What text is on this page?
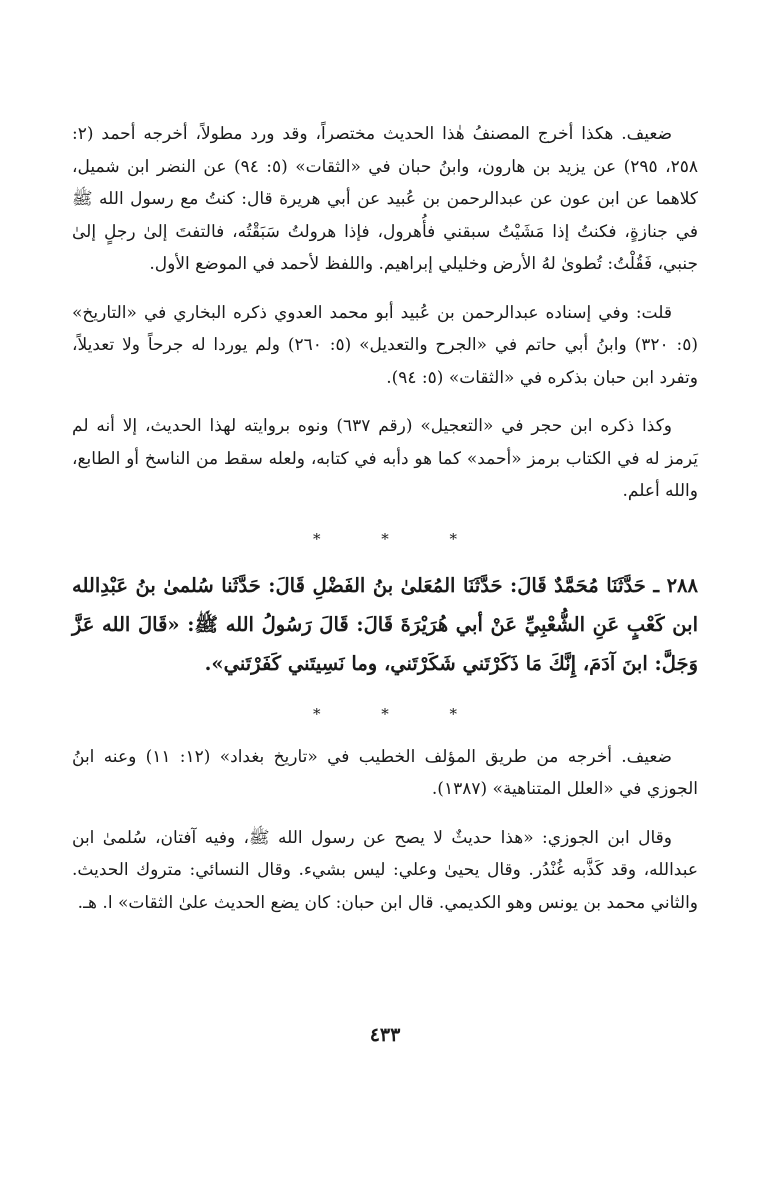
ضعيف. هكذا أخرج المصنفُ هٰذا الحديث مختصراً، وقد ورد مطولاً، أخرجه أحمد (٢: ٢٥٨، ٢٩٥) عن يزيد بن هارون، وابنُ حبان في «الثقات» (٥: ٩٤) عن النضر ابن شميل، كلاهما عن ابن عون عن عبدالرحمن بن عُبيد عن أبي هريرة قال: كنتُ مع رسول الله ﷺ في جنازةٍ، فكنتُ إذا مَشَيْتُ سبقني فأُهرول، فإذا هرولتُ سَبَقْتُه، فالتفتَ إلىٰ رجلٍ إلىٰ جنبي، فَقُلْتُ: تُطوىٰ لهُ الأرض وخليلي إبراهيم. واللفظ لأحمد في الموضع الأول.

قلت: وفي إسناده عبدالرحمن بن عُبيد أبو محمد العدوي ذكره البخاري في «التاريخ» (٥: ٣٢٠) وابنُ أبي حاتم في «الجرح والتعديل» (٥: ٢٦٠) ولم يوردا له جرحاً ولا تعديلاً، وتفرد ابن حبان بذكره في «الثقات» (٥: ٩٤).

وكذا ذكره ابن حجر في «التعجيل» (رقم ٦٣٧) ونوه بروايته لهذا الحديث، إلا أنه لم يَرمز له في الكتاب برمز «أحمد» كما هو دأبه في كتابه، ولعله سقط من الناسخ أو الطابع، والله أعلم.

* * *

٢٨٨ ـ حَدَّثَنَا مُحَمَّدٌ قَالَ: حَدَّثَنَا المُعَلىٰ بنُ الفَضْلِ قَالَ: حَدَّثَنا سُلمىٰ بنُ عَبْدِالله ابن كَعْبٍ عَنِ الشُّعْبِيِّ عَنْ أبي هُرَيْرَةَ قَالَ: قَالَ رَسُولُ الله ﷺ: «قَالَ الله عَزَّ وَجَلَّ: ابنَ آدَمَ، إِنَّكَ مَا ذَكَرْتَني شَكَرْتَني، وما نَسِيتَني كَفَرْتَني».

* * *

ضعيف. أخرجه من طريق المؤلف الخطيب في «تاريخ بغداد» (١٢: ١١) وعنه ابنُ الجوزي في «العلل المتناهية» (١٣٨٧).

وقال ابن الجوزي: «هذا حديثٌ لا يصح عن رسول الله ﷺ، وفيه آفتان، سُلمىٰ ابن عبدالله، وقد كَذَّبه غُنْدُر. وقال يحيىٰ وعلي: ليس بشيء. وقال النسائي: متروك الحديث. والثاني محمد بن يونس وهو الكديمي. قال ابن حبان: كان يضع الحديث علىٰ الثقات» ا. هـ.

٤٣٣
